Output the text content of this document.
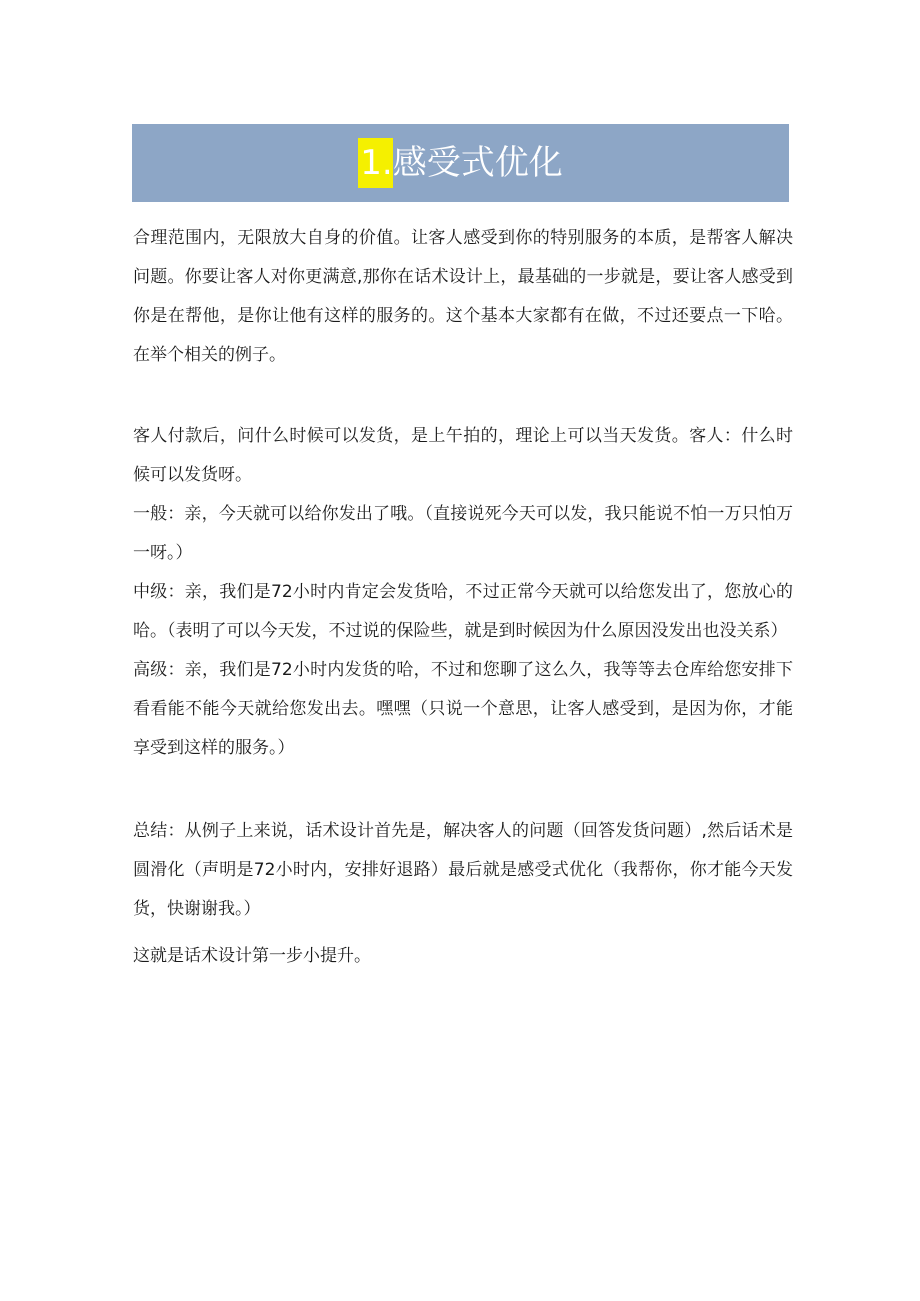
1. 感受式优化

合理范围内，无限放大自身的价值。让客人感受到你的特别服务的本质，是帮客人解决问题。你要让客人对你更满意,那你在话术设计上，最基础的一步就是，要让客人感受到你是在帮他，是你让他有这样的服务的。这个基本大家都有在做，不过还要点一下哈。在举个相关的例子。

客人付款后，问什么时候可以发货，是上午拍的，理论上可以当天发货。客人：什么时候可以发货呀。

一般：亲，今天就可以给你发出了哦。（直接说死今天可以发，我只能说不怕一万只怕万一呀。）

中级：亲，我们是72小时内肯定会发货哈，不过正常今天就可以给您发出了，您放心的哈。（表明了可以今天发，不过说的保险些，就是到时候因为什么原因没发出也没关系）

高级：亲，我们是72小时内发货的哈，不过和您聊了这么久，我等等去仓库给您安排下看看能不能今天就给您发出去。嘿嘿（只说一个意思，让客人感受到，是因为你，才能享受到这样的服务。）

总结：从例子上来说，话术设计首先是，解决客人的问题（回答发货问题）,然后话术是圆滑化（声明是72小时内，安排好退路）最后就是感受式优化（我帮你，你才能今天发货，快谢谢我。）

这就是话术设计第一步小提升。
